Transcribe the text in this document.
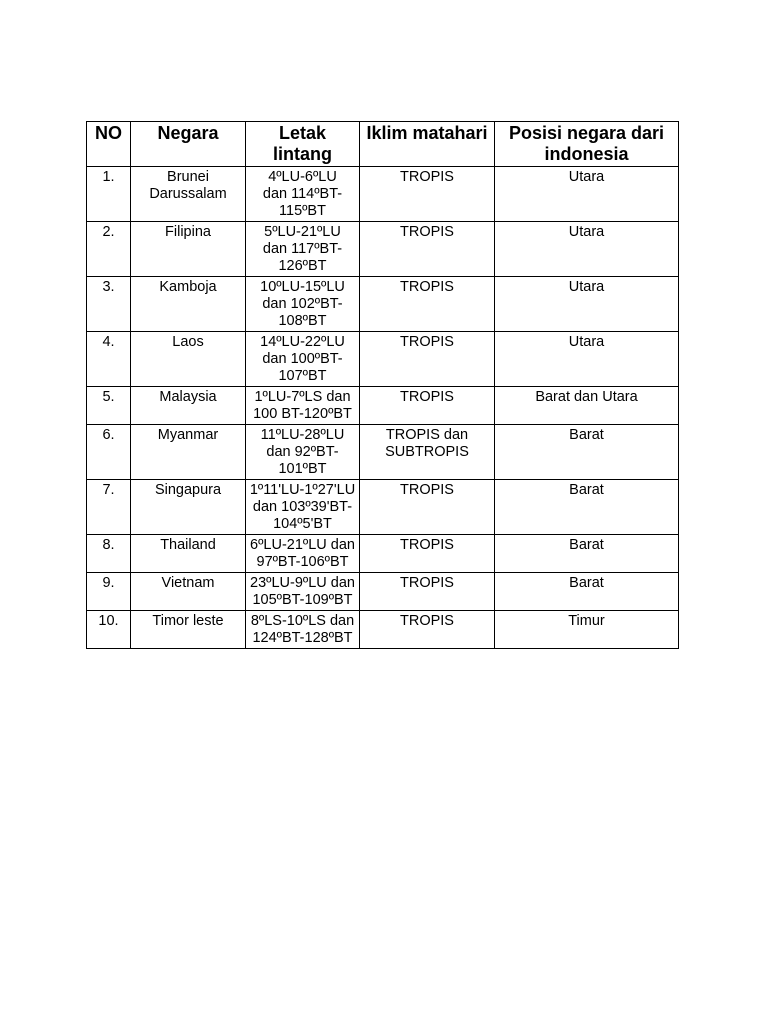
NO	Negara	Letak lintang	Iklim matahari	Posisi negara dari indonesia
1.	Brunei Darussalam	4ºLU-6ºLU
dan 114ºBT-
115ºBT	TROPIS	Utara
2.	Filipina	5ºLU-21ºLU
dan 117ºBT-
126ºBT	TROPIS	Utara
3.	Kamboja	10ºLU-15ºLU
dan 102ºBT-
108ºBT	TROPIS	Utara
4.	Laos	14ºLU-22ºLU
dan 100ºBT-
107ºBT	TROPIS	Utara
5.	Malaysia	1ºLU-7ºLS dan
100 BT-120ºBT	TROPIS	Barat dan Utara
6.	Myanmar	11ºLU-28ºLU
dan 92ºBT-
101ºBT	TROPIS dan SUBTROPIS	Barat
7.	Singapura	1º11'LU-1º27'LU
dan 103º39'BT-
104º5'BT	TROPIS	Barat
8.	Thailand	6ºLU-21ºLU dan
97ºBT-106ºBT	TROPIS	Barat
9.	Vietnam	23ºLU-9ºLU dan
105ºBT-109ºBT	TROPIS	Barat
10.	Timor leste	8ºLS-10ºLS dan
124ºBT-128ºBT	TROPIS	Timur
